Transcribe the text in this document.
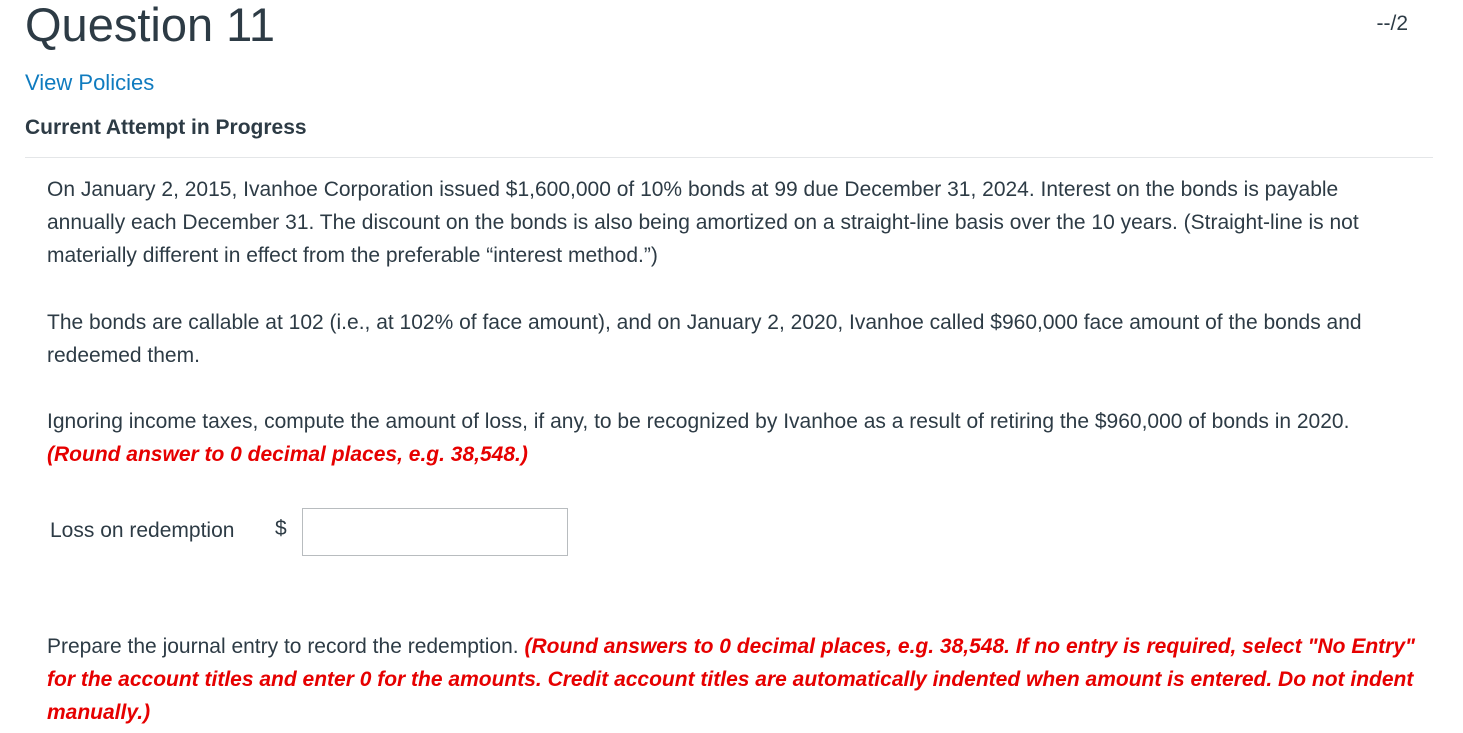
Question 11	--/2
View Policies
Current Attempt in Progress

On January 2, 2015, Ivanhoe Corporation issued $1,600,000 of 10% bonds at 99 due December 31, 2024. Interest on the bonds is payable annually each December 31. The discount on the bonds is also being amortized on a straight-line basis over the 10 years. (Straight-line is not materially different in effect from the preferable “interest method.”)

The bonds are callable at 102 (i.e., at 102% of face amount), and on January 2, 2020, Ivanhoe called $960,000 face amount of the bonds and redeemed them.

Ignoring income taxes, compute the amount of loss, if any, to be recognized by Ivanhoe as a result of retiring the $960,000 of bonds in 2020. (Round answer to 0 decimal places, e.g. 38,548.)

Prepare the journal entry to record the redemption. (Round answers to 0 decimal places, e.g. 38,548. If no entry is required, select "No Entry" for the account titles and enter 0 for the amounts. Credit account titles are automatically indented when amount is entered. Do not indent manually.)

Loss on redemption $
